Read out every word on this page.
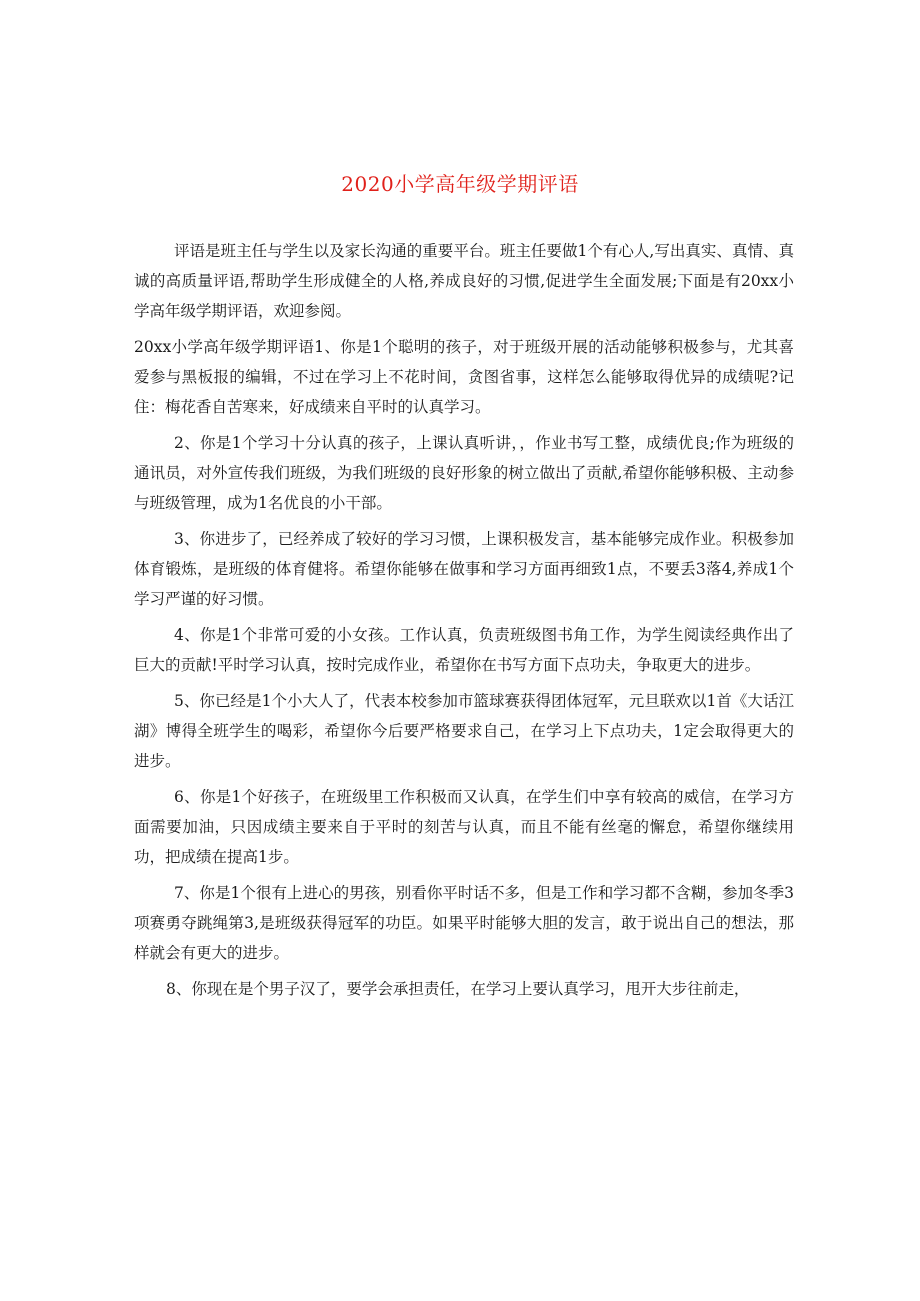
2020小学高年级学期评语

评语是班主任与学生以及家长沟通的重要平台。班主任要做1个有心人,写出真实、真情、真诚的高质量评语,帮助学生形成健全的人格,养成良好的习惯,促进学生全面发展;下面是有20xx小学高年级学期评语，欢迎参阅。

20xx小学高年级学期评语1、你是1个聪明的孩子，对于班级开展的活动能够积极参与，尤其喜爱参与黑板报的编辑，不过在学习上不花时间，贪图省事，这样怎么能够取得优异的成绩呢?记住：梅花香自苦寒来，好成绩来自平时的认真学习。

2、你是1个学习十分认真的孩子，上课认真听讲，，作业书写工整，成绩优良;作为班级的通讯员，对外宣传我们班级，为我们班级的良好形象的树立做出了贡献,希望你能够积极、主动参与班级管理，成为1名优良的小干部。

3、你进步了，已经养成了较好的学习习惯，上课积极发言，基本能够完成作业。积极参加体育锻炼，是班级的体育健将。希望你能够在做事和学习方面再细致1点，不要丢3落4,养成1个学习严谨的好习惯。

4、你是1个非常可爱的小女孩。工作认真，负责班级图书角工作，为学生阅读经典作出了巨大的贡献!平时学习认真，按时完成作业，希望你在书写方面下点功夫，争取更大的进步。

5、你已经是1个小大人了，代表本校参加市篮球赛获得团体冠军，元旦联欢以1首《大话江湖》博得全班学生的喝彩，希望你今后要严格要求自己，在学习上下点功夫，1定会取得更大的进步。

6、你是1个好孩子，在班级里工作积极而又认真，在学生们中享有较高的威信，在学习方面需要加油，只因成绩主要来自于平时的刻苦与认真，而且不能有丝毫的懈怠，希望你继续用功，把成绩在提高1步。

7、你是1个很有上进心的男孩，别看你平时话不多，但是工作和学习都不含糊，参加冬季3项赛勇夺跳绳第3,是班级获得冠军的功臣。如果平时能够大胆的发言，敢于说出自己的想法，那样就会有更大的进步。

8、你现在是个男子汉了，要学会承担责任，在学习上要认真学习，甩开大步往前走，
